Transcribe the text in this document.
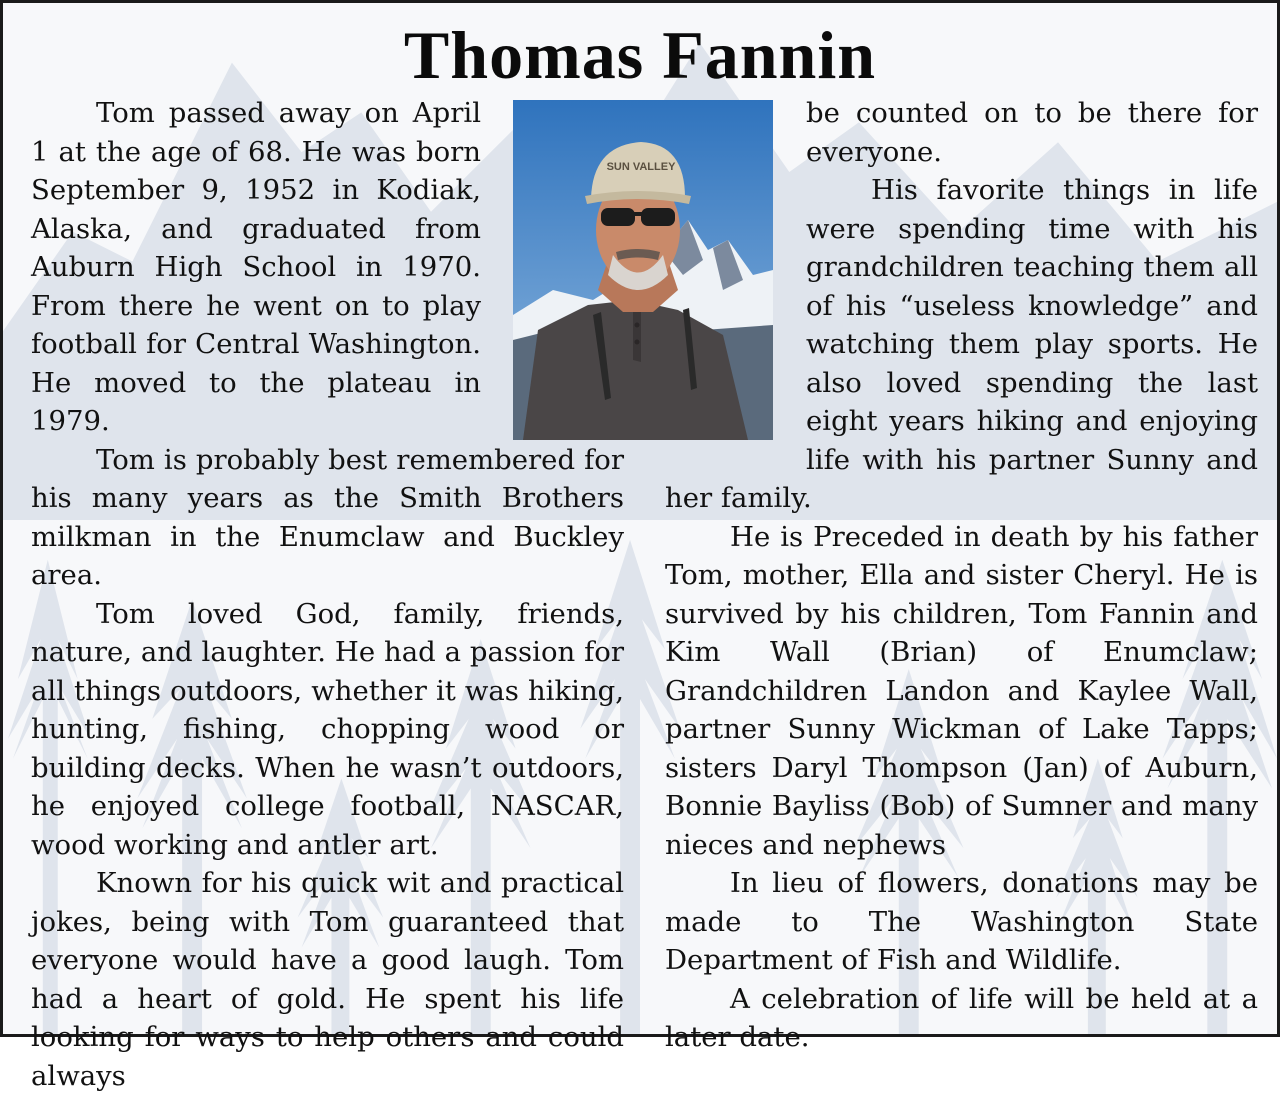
Thomas Fannin

Tom passed away on April 1 at the age of 68. He was born September 9, 1952 in Kodiak, Alaska, and graduated from Auburn High School in 1970. From there he went on to play football for Central Washington. He moved to the plateau in 1979.

Tom is probably best remembered for his many years as the Smith Brothers milkman in the Enumclaw and Buckley area.

Tom loved God, family, friends, nature, and laughter. He had a passion for all things outdoors, whether it was hiking, hunting, fishing, chopping wood or building decks. When he wasn’t outdoors, he enjoyed college football, NASCAR, wood working and antler art.

Known for his quick wit and practical jokes, being with Tom guaranteed that everyone would have a good laugh. Tom had a heart of gold. He spent his life looking for ways to help others and could always

be counted on to be there for everyone.

His favorite things in life were spending time with his grandchildren teaching them all of his “useless knowledge” and watching them play sports. He also loved spending the last eight years hiking and enjoying life with his partner Sunny and her family.

He is Preceded in death by his father Tom, mother, Ella and sister Cheryl. He is survived by his children, Tom Fannin and Kim Wall (Brian) of Enumclaw; Grandchildren Landon and Kaylee Wall, partner Sunny Wickman of Lake Tapps; sisters Daryl Thompson (Jan) of Auburn, Bonnie Bayliss (Bob) of Sumner and many nieces and nephews

In lieu of flowers, donations may be made to The Washington State Department of Fish and Wildlife.

A celebration of life will be held at a later date.

SUN VALLEY
